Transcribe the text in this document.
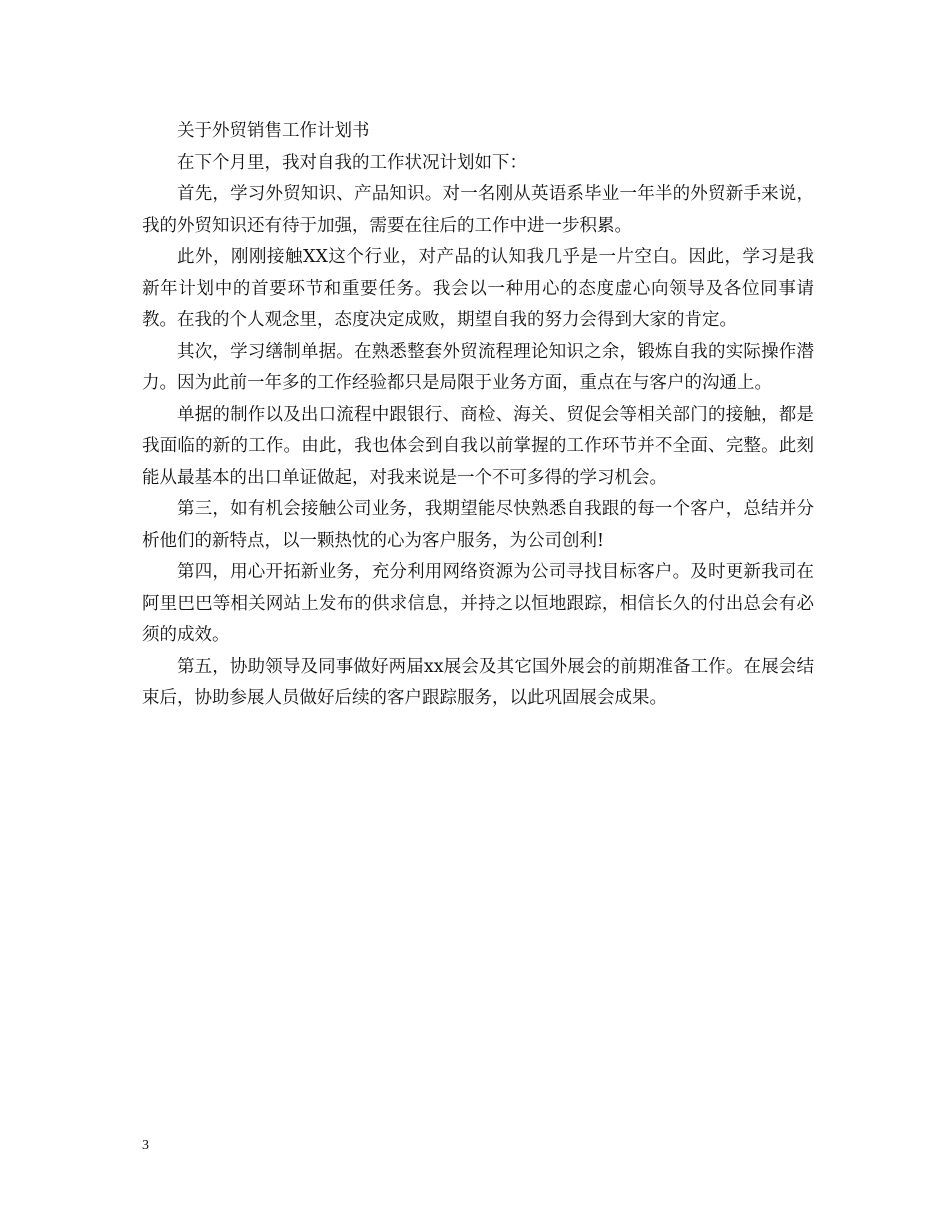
关于外贸销售工作计划书

在下个月里，我对自我的工作状况计划如下：

首先，学习外贸知识、产品知识。对一名刚从英语系毕业一年半的外贸新手来说，我的外贸知识还有待于加强，需要在往后的工作中进一步积累。

此外，刚刚接触XX这个行业，对产品的认知我几乎是一片空白。因此，学习是我新年计划中的首要环节和重要任务。我会以一种用心的态度虚心向领导及各位同事请教。在我的个人观念里，态度决定成败，期望自我的努力会得到大家的肯定。

其次，学习缮制单据。在熟悉整套外贸流程理论知识之余，锻炼自我的实际操作潜力。因为此前一年多的工作经验都只是局限于业务方面，重点在与客户的沟通上。

单据的制作以及出口流程中跟银行、商检、海关、贸促会等相关部门的接触，都是我面临的新的工作。由此，我也体会到自我以前掌握的工作环节并不全面、完整。此刻能从最基本的出口单证做起，对我来说是一个不可多得的学习机会。

第三，如有机会接触公司业务，我期望能尽快熟悉自我跟的每一个客户，总结并分析他们的新特点，以一颗热忱的心为客户服务，为公司创利!

第四，用心开拓新业务，充分利用网络资源为公司寻找目标客户。及时更新我司在阿里巴巴等相关网站上发布的供求信息，并持之以恒地跟踪，相信长久的付出总会有必须的成效。

第五，协助领导及同事做好两届xx展会及其它国外展会的前期准备工作。在展会结束后，协助参展人员做好后续的客户跟踪服务，以此巩固展会成果。

3
